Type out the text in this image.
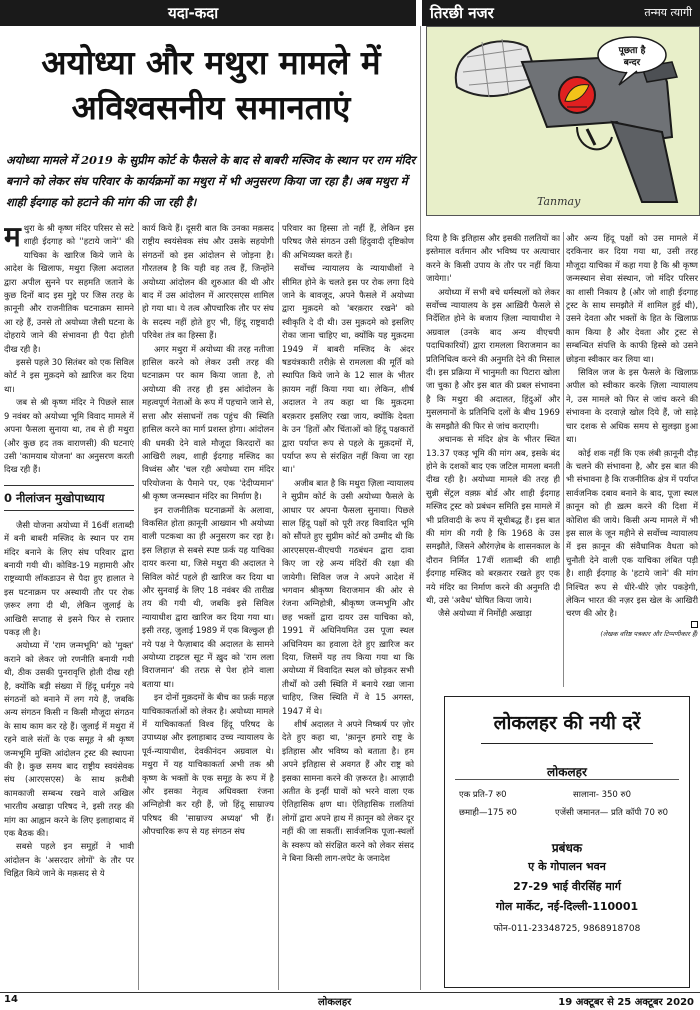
यदा-कदा	तिरछी नजर	तन्मय त्यागी
अयोध्या और मथुरा मामले में
अविश्वसनीय समानताएं
अयोध्या मामले में 2019 के सुप्रीम कोर्ट के फैसले के बाद से बाबरी मस्जिद के स्थान पर राम मंदिर बनाने को लेकर संघ परिवार के कार्यक्रमों का मथुरा में भी अनुसरण किया जा रहा है। अब मथुरा में शाही ईदगाह को हटाने की मांग की जा रही है।
पूछता है
बन्दर
Tanmay

मथुरा के श्री कृष्ण मंदिर परिसर से सटे शाही ईदगाह को ''हटाये जाने'' की याचिका के खारिज किये जाने के आदेश के खिलाफ, मथुरा ज़िला अदालत द्वारा अपील सुनने पर सहमति जताने के कुछ दिनों बाद इस मुद्दे पर जिस तरह के क़ानूनी और राजनीतिक घटनाक्रम सामने आ रहे हैं, उनसे तो अयोध्या जैसी घटना के दोहराये जाने की संभावना ही पैदा होती दीख रही है।

इससे पहले 30 सितंबर को एक सिविल कोर्ट ने इस मुक़दमे को ख़ारिज कर दिया था।

जब से श्री कृष्ण मंदिर ने पिछले साल 9 नवंबर को अयोध्या भूमि विवाद मामले में अपना फैसला सुनाया था, तब से ही मथुरा (और कुछ हद तक वाराणसी) की घटनाएं उसी 'कामयाब योजना' का अनुसरण करती दिख रही हैं।

0 नीलांजन मुखोपाध्याय

जैसी योजना अयोध्या में 16वीं शताब्दी में बनी बाबरी मस्जिद के स्थान पर राम मंदिर बनाने के लिए संघ परिवार द्वारा बनायी गयी थी। कोविड-19 महामारी और राष्ट्रव्यापी लॉकडाउन से पैदा हुए हालात ने इस घटनाक्रम पर अस्थायी तौर पर रोक ज़रूर लगा दी थी, लेकिन जुलाई के आखिरी सप्ताह से इसने फिर से रफ़्तार पकड़ ली है।

अयोध्या में 'राम जन्मभूमि' को 'मुक्त' कराने को लेकर जो रणनीति बनायी गयी थी, ठीक उसकी पुनरावृत्ति होती दीख रही है, क्योंकि बड़ी संख्या में हिंदू धर्मगुरु नये संगठनों को बनाने में लग गये हैं, जबकि अन्य संगठन किसी न किसी मौजूदा संगठन के साथ काम कर रहे हैं। जुलाई में मथुरा में रहने वाले संतों के एक समूह ने श्री कृष्ण जन्मभूमि मुक्ति आंदोलन ट्रस्ट की स्थापना की है। कुछ समय बाद राष्ट्रीय स्वयंसेवक संघ (आरएसएस) के साथ क़रीबी कामकाजी सम्बन्ध रखने वाले अखिल भारतीय अखाड़ा परिषद ने, इसी तरह की मांग का आह्वान करने के लिए इलाहाबाद में एक बैठक की।

सबसे पहले इन समूहों ने भावी आंदोलन के 'असरदार लोगों' के तौर पर चिह्नित किये जाने के मक़सद से ये

कार्य किये हैं। दूसरी बात कि उनका मक़सद राष्ट्रीय स्वयंसेवक संघ और उसके सहयोगी संगठनों को इस आंदोलन से जोड़ना है। गौरतलब है कि यही वह तत्व हैं, जिन्होंने अयोध्या आंदोलन की शुरुआत की थी और बाद में उस आंदोलन में आरएसएस शामिल हो गया था। ये तत्व औपचारिक तौर पर संघ के सदस्य नहीं होते हुए भी, हिंदू राष्ट्रवादी परिवेश तंत्र का हिस्सा हैं।

अगर मथुरा में अयोध्या की तरह नतीजा हासिल करने को लेकर उसी तरह की घटनाक्रम पर काम किया जाता है, तो अयोध्या की तरह ही इस आंदोलन के महत्वपूर्ण नेताओं के रूप में पहचाने जाने से, सत्ता और संसाधनों तक पहुंच की स्थिति हासिल करने का मार्ग प्रशस्त होगा। आंदोलन की धमकी देने वाले मौजूदा किरदारों का आखिरी लक्ष्य, शाही ईदगाह मस्जिद का विध्वंस और 'चल रही अयोध्या राम मंदिर परियोजना के पैमाने पर, एक 'देदीप्यमान' श्री कृष्ण जन्मस्थान मंदिर का निर्माण है।

इन राजनीतिक घटनाक्रमों के अलावा, विकसित होता क़ानूनी आख्यान भी अयोध्या वाली पटकथा का ही अनुसरण कर रहा है। इस लिहाज़ से सबसे स्पष्ट फ़र्क यह याचिका दायर करना था, जिसे मथुरा की अदालत ने सिविल कोर्ट पहले ही खारिज कर दिया था और सुनवाई के लिए 18 नवंबर की तारीख़ तय की गयी थी, जबकि इसे सिविल न्यायाधीश द्वारा खारिज कर दिया गया था। इसी तरह, जुलाई 1989 में एक बिल्कुल ही नये पक्ष ने फैज़ाबाद की अदालत के सामने अयोध्या टाइटल सूट में ख़ुद को 'राम लला विराजमान' की तरफ़ से पेश होने वाला बताया था।

इन दोनों मुक़दमों के बीच का फ़र्क़ महज़ याचिकाकर्ताओं को लेकर है। अयोध्या मामले में याचिकाकर्ता विश्व हिंदू परिषद के उपाध्यक्ष और इलाहाबाद उच्च न्यायालय के पूर्व-न्यायाधीश, देवकीनंदन अग्रवाल थे। मथुरा में यह याचिकाकर्ता अभी तक श्री कृष्ण के भक्तों के एक समूह के रूप में है और इसका नेतृत्व अधिवक्ता रंजना अग्निहोत्री कर रही हैं, जो हिंदू साम्राज्य परिषद की 'साम्राज्य अध्यक्ष' भी हैं। औपचारिक रूप से यह संगठन संघ

परिवार का हिस्सा तो नहीं हैं, लेकिन इस परिषद जैसे संगठन उसी हिंदुवादी दृष्टिकोण की अभिव्यक्त करते हैं।

सर्वोच्च न्यायालय के न्यायाधीशों ने सीमित होने के चलते इस पर रोक लगा दिये जाने के बावजूद, अपने फैसले में अयोध्या द्वारा मुक़दमे को 'बरक़रार रखने' को स्वीकृति दे दी थी। उस मुक़दमे को इसलिए रोका जाना चाहिए था, क्योंकि यह मुक़दमा 1949 में बाबरी मस्जिद के अंदर षडयंत्रकारी तरीक़े से रामलला की मूर्ति को स्थापित किये जाने के 12 साल के भीतर क़ायम नहीं किया गया था। लेकिन, शीर्ष अदालत ने तय कहा था कि मुक़दमा बरक़रार इसलिए रखा जाय, क्योंकि देवता के उन 'हितों और चिंताओं को हिंदू पक्षकारों द्वारा पर्याप्त रूप से पहले के मुक़दमों में, पर्याप्त रूप से संरक्षित नहीं किया जा रहा था।'

अजीब बात है कि मथुरा ज़िला न्यायालय ने सुप्रीम कोर्ट के उसी अयोध्या फैसले के आधार पर अपना फैसला सुनाया। पिछले साल हिंदू पक्षों को पूरी तरह विवादित भूमि को सौंपते हुए सुप्रीम कोर्ट को उम्मीद थी कि आरएसएस-वीएचपी गठबंधन द्वारा दावा किए जा रहे अन्य मंदिरों की रक्षा की जायेगी। सिविल जज ने अपने आदेश में भगवान श्रीकृष्ण विराजमान की ओर से रंजना अग्निहोत्री, श्रीकृष्ण जन्मभूमि और छह भक्तों द्वारा दायर उस याचिका को, 1991 में अधिनियमित उस पूजा स्थल अधिनियम का हवाला देते हुए ख़ारिज कर दिया, जिसमें यह तय किया गया था कि अयोध्या में विवादित स्थल को छोड़कर सभी तीर्थों को उसी स्थिति में बनाये रखा जाना चाहिए, जिस स्थिति में वे 15 अगस्त, 1947 में थे।

शीर्ष अदालत ने अपने निष्कर्ष पर ज़ोर देते हुए कहा था, 'क़ानून हमारे राष्ट्र के इतिहास और भविष्य को बताता है। हम अपने इतिहास से अवगत हैं और राष्ट्र को इसका सामना करने की ज़रूरत है। आज़ादी अतीत के इन्हीं घावों को भरने वाला एक ऐतिहासिक क्षण था। ऐतिहासिक ग़लतियां लोगों द्वारा अपने हाथ में क़ानून को लेकर दूर नहीं की जा सकतीं। सार्वजनिक पूजा-स्थलों के स्वरूप को संरक्षित करने को लेकर संसद ने बिना किसी लाग-लपेट के जनादेश

दिया है कि इतिहास और इसकी ग़लतियों का इस्तेमाल वर्तमान और भविष्य पर अत्याचार करने के किसी उपाय के तौर पर नहीं किया जायेगा।'

अयोध्या में सभी बचे धर्मस्थलों को लेकर सर्वोच्च न्यायालय के इस आख़िरी फैसले से निर्देशित होने के बजाय ज़िला न्यायाधीश ने अग्रवाल (उनके बाद अन्य वीएचपी पदाधिकारियों) द्वारा रामलला विराजमान का प्रतिनिधित्व करने की अनुमति देने की मिसाल दी। इस प्रक्रिया में भानुमती का पिटारा खोला जा चुका है और इस बात की प्रबल संभावना है कि मथुरा की अदालत, हिंदुओं और मुसलमानों के प्रतिनिधि दलों के बीच 1969 के समझौते की फिर से जांच कराएगी।

अचानक से मंदिर क्षेत्र के भीतर स्थित 13.37 एकड़ भूमि की मांग अब, इसके बंद होने के दशकों बाद एक जटिल मामला बनती दीख रही है। अयोध्या मामले की तरह ही सुन्नी सेंट्रल वक़्फ़ बोर्ड और शाही ईदगाह मस्जिद ट्रस्ट को प्रबंधन समिति इस मामले में भी प्रतिवादी के रूप में सूचीबद्ध हैं। इस बात की मांग की गयी है कि 1968 के उस समझौते, जिसने औरंगज़ेब के शासनकाल के दौरान निर्मित 17वीं शताब्दी की शाही ईदगाह मस्जिद को बरक़रार रखते हुए एक नये मंदिर का निर्माण करने की अनुमति दी थी, उसे 'अवैध' घोषित किया जाये।

जैसे अयोध्या में निर्मोही अखाड़ा

और अन्य हिंदू पक्षों को उस मामले में दरकिनार कर दिया गया था, उसी तरह मौजूदा याचिका में कहा गया है कि श्री कृष्ण जन्मस्थान सेवा संस्थान, जो मंदिर परिसर का शासी निकाय है (और जो शाही ईदगाह ट्रस्ट के साथ समझौते में शामिल हुई थी), उसने देवता और भक्तों के हित के खिलाफ़ काम किया है और देवता और ट्रस्ट से सम्बन्धित संपत्ति के काफी हिस्से को उसने छोड़ना स्वीकार कर लिया था।

सिविल जज के इस फैसले के खिलाफ़ अपील को स्वीकार करके ज़िला न्यायालय ने, उस मामले को फिर से जांच करने की संभावना के दरवाज़े खोल दिये हैं, जो साढ़े चार दशक से अधिक समय से सुलझा हुआ था।

कोई शक नहीं कि एक लंबी क़ानूनी दौड़ के चलने की संभावना है, और इस बात की भी संभावना है कि राजनीतिक क्षेत्र में पर्याप्त सार्वजनिक दबाव बनाने के बाद, पूजा स्थल क़ानून को ही ख़त्म करने की दिशा में कोशिश की जाये। किसी अन्य मामले में भी इस साल के जून महीने से सर्वोच्च न्यायालय में इस क़ानून की संवैधानिक वैधता को चुनौती देने वाली एक याचिका लंबित पड़ी है। शाही ईदगाह के 'हटाये जाने' की मांग निश्चित रूप से धीरे-धीरे ज़ोर पकड़ेगी, लेकिन भारत की नज़र इस खेल के आखिरी चरण की ओर है।

(लेखक वरिष्ठ पत्रकार और टिप्पणीकार हैं)
लोकलहर की नयी दरें
लोकलहर
एक प्रति-7 रु0	सालाना- 350 रु0
छमाही—175 रु0	एजेंसी जमानत— प्रति कॉपी 70 रु0
प्रबंधक
ए के गोपालन भवन
27-29 भाई वीरसिंह मार्ग
गोल मार्केट, नई-दिल्ली-110001
फोन-011-23348725, 9868918708
14	लोकलहर	19 अक्टूबर से 25 अक्टूबर 2020
